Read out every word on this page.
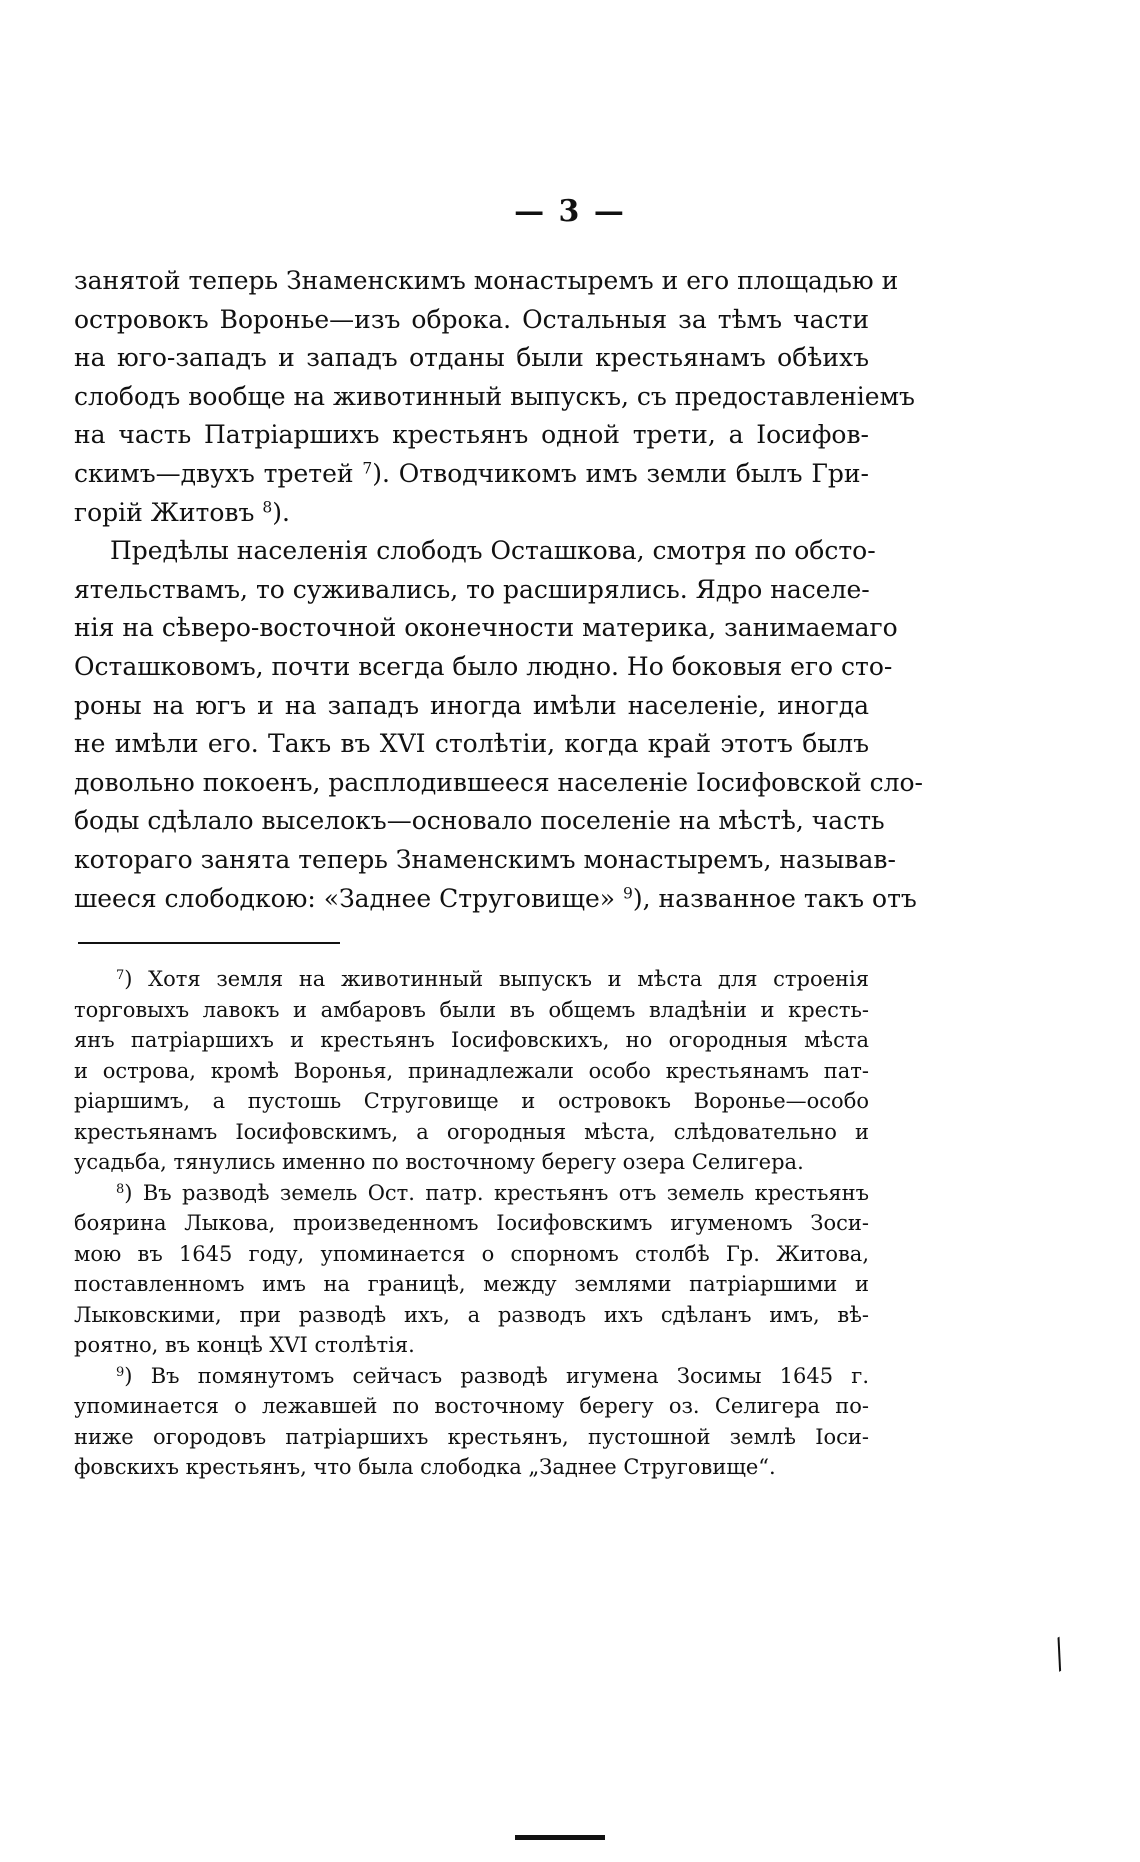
— 3 —
занятой теперь Знаменскимъ монастыремъ и его площадью и
островокъ Воронье—изъ оброка. Остальныя за тѣмъ части
на юго-западъ и западъ отданы были крестьянамъ обѣихъ
слободъ вообще на животинный выпускъ, съ предоставленіемъ
на часть Патріаршихъ крестьянъ одной трети, а Іосифов-
скимъ—двухъ третей $^7$). Отводчикомъ имъ земли былъ Гри-
горій Житовъ $^8$).
Предѣлы населенія слободъ Осташкова, смотря по обсто-
ятельствамъ, то суживались, то расширялись. Ядро населе-
нія на сѣверо-восточной оконечности материка, занимаемаго
Осташковомъ, почти всегда было людно. Но боковыя его сто-
роны на югъ и на западъ иногда имѣли населеніе, иногда
не имѣли его. Такъ въ XVI столѣтіи, когда край этотъ былъ
довольно покоенъ, расплодившееся населеніе Іосифовской сло-
боды сдѣлало выселокъ—основало поселеніе на мѣстѣ, часть
котораго занята теперь Знаменскимъ монастыремъ, называв-
шееся слободкою: «Заднее Струговище» $^9$), названное такъ отъ
$^7$) Хотя земля на животинный выпускъ и мѣста для строенія
торговыхъ лавокъ и амбаровъ были въ общемъ владѣніи и кресть-
янъ патріаршихъ и крестьянъ Іосифовскихъ, но огородныя мѣста
и острова, кромѣ Воронья, принадлежали особо крестьянамъ пат-
ріаршимъ, а пустошь Струговище и островокъ Воронье—особо
крестьянамъ Іосифовскимъ, а огородныя мѣста, слѣдовательно и
усадьба, тянулись именно по восточному берегу озера Селигера.
$^8$) Въ разводѣ земель Ост. патр. крестьянъ отъ земель крестьянъ
боярина Лыкова, произведенномъ Іосифовскимъ игуменомъ Зоси-
мою въ 1645 году, упоминается о спорномъ столбѣ Гр. Житова,
поставленномъ имъ на границѣ, между землями патріаршими и
Лыковскими, при разводѣ ихъ, а разводъ ихъ сдѣланъ имъ, вѣ-
роятно, въ концѣ XVI столѣтія.
$^9$) Въ помянутомъ сейчасъ разводѣ игумена Зосимы 1645 г.
упоминается о лежавшей по восточному берегу оз. Селигера по-
ниже огородовъ патріаршихъ крестьянъ, пустошной землѣ Іоси-
фовскихъ крестьянъ, что была слободка „Заднее Струговище“.
╱
